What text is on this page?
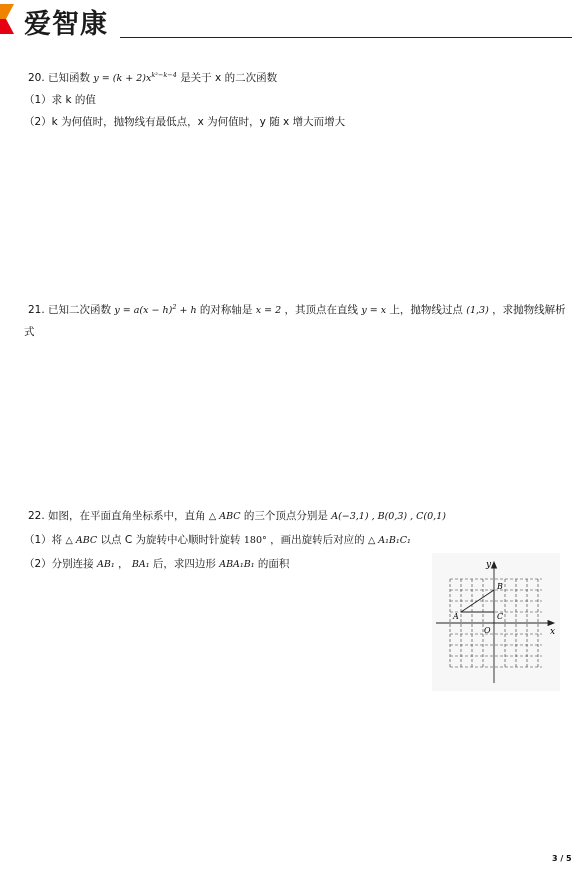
爱智康
20. 已知函数 $y = (k + 2)x^{k^2-k-4}$ 是关于 x 的二次函数
（1）求 k 的值
（2）k 为何值时，抛物线有最低点，x 为何值时，y 随 x 增大而增大
21. 已知二次函数 $y = a(x - h)^2 + h$ 的对称轴是 x = 2 ，其顶点在直线 y = x 上，抛物线过点 (1,3) ，求抛物线解析
式
22. 如图，在平面直角坐标系中，直角 △ ABC 的三个顶点分别是 A(−3,1) , B(0,3) , C(0,1)
（1）将 △ ABC 以点 C 为旋转中心顺时针旋转 180° ，画出旋转后对应的 △ A₁B₁C₁
（2）分别连接 AB₁ ， BA₁ 后，求四边形 ABA₁B₁ 的面积
x
y
O
A
B
C
3 / 5
